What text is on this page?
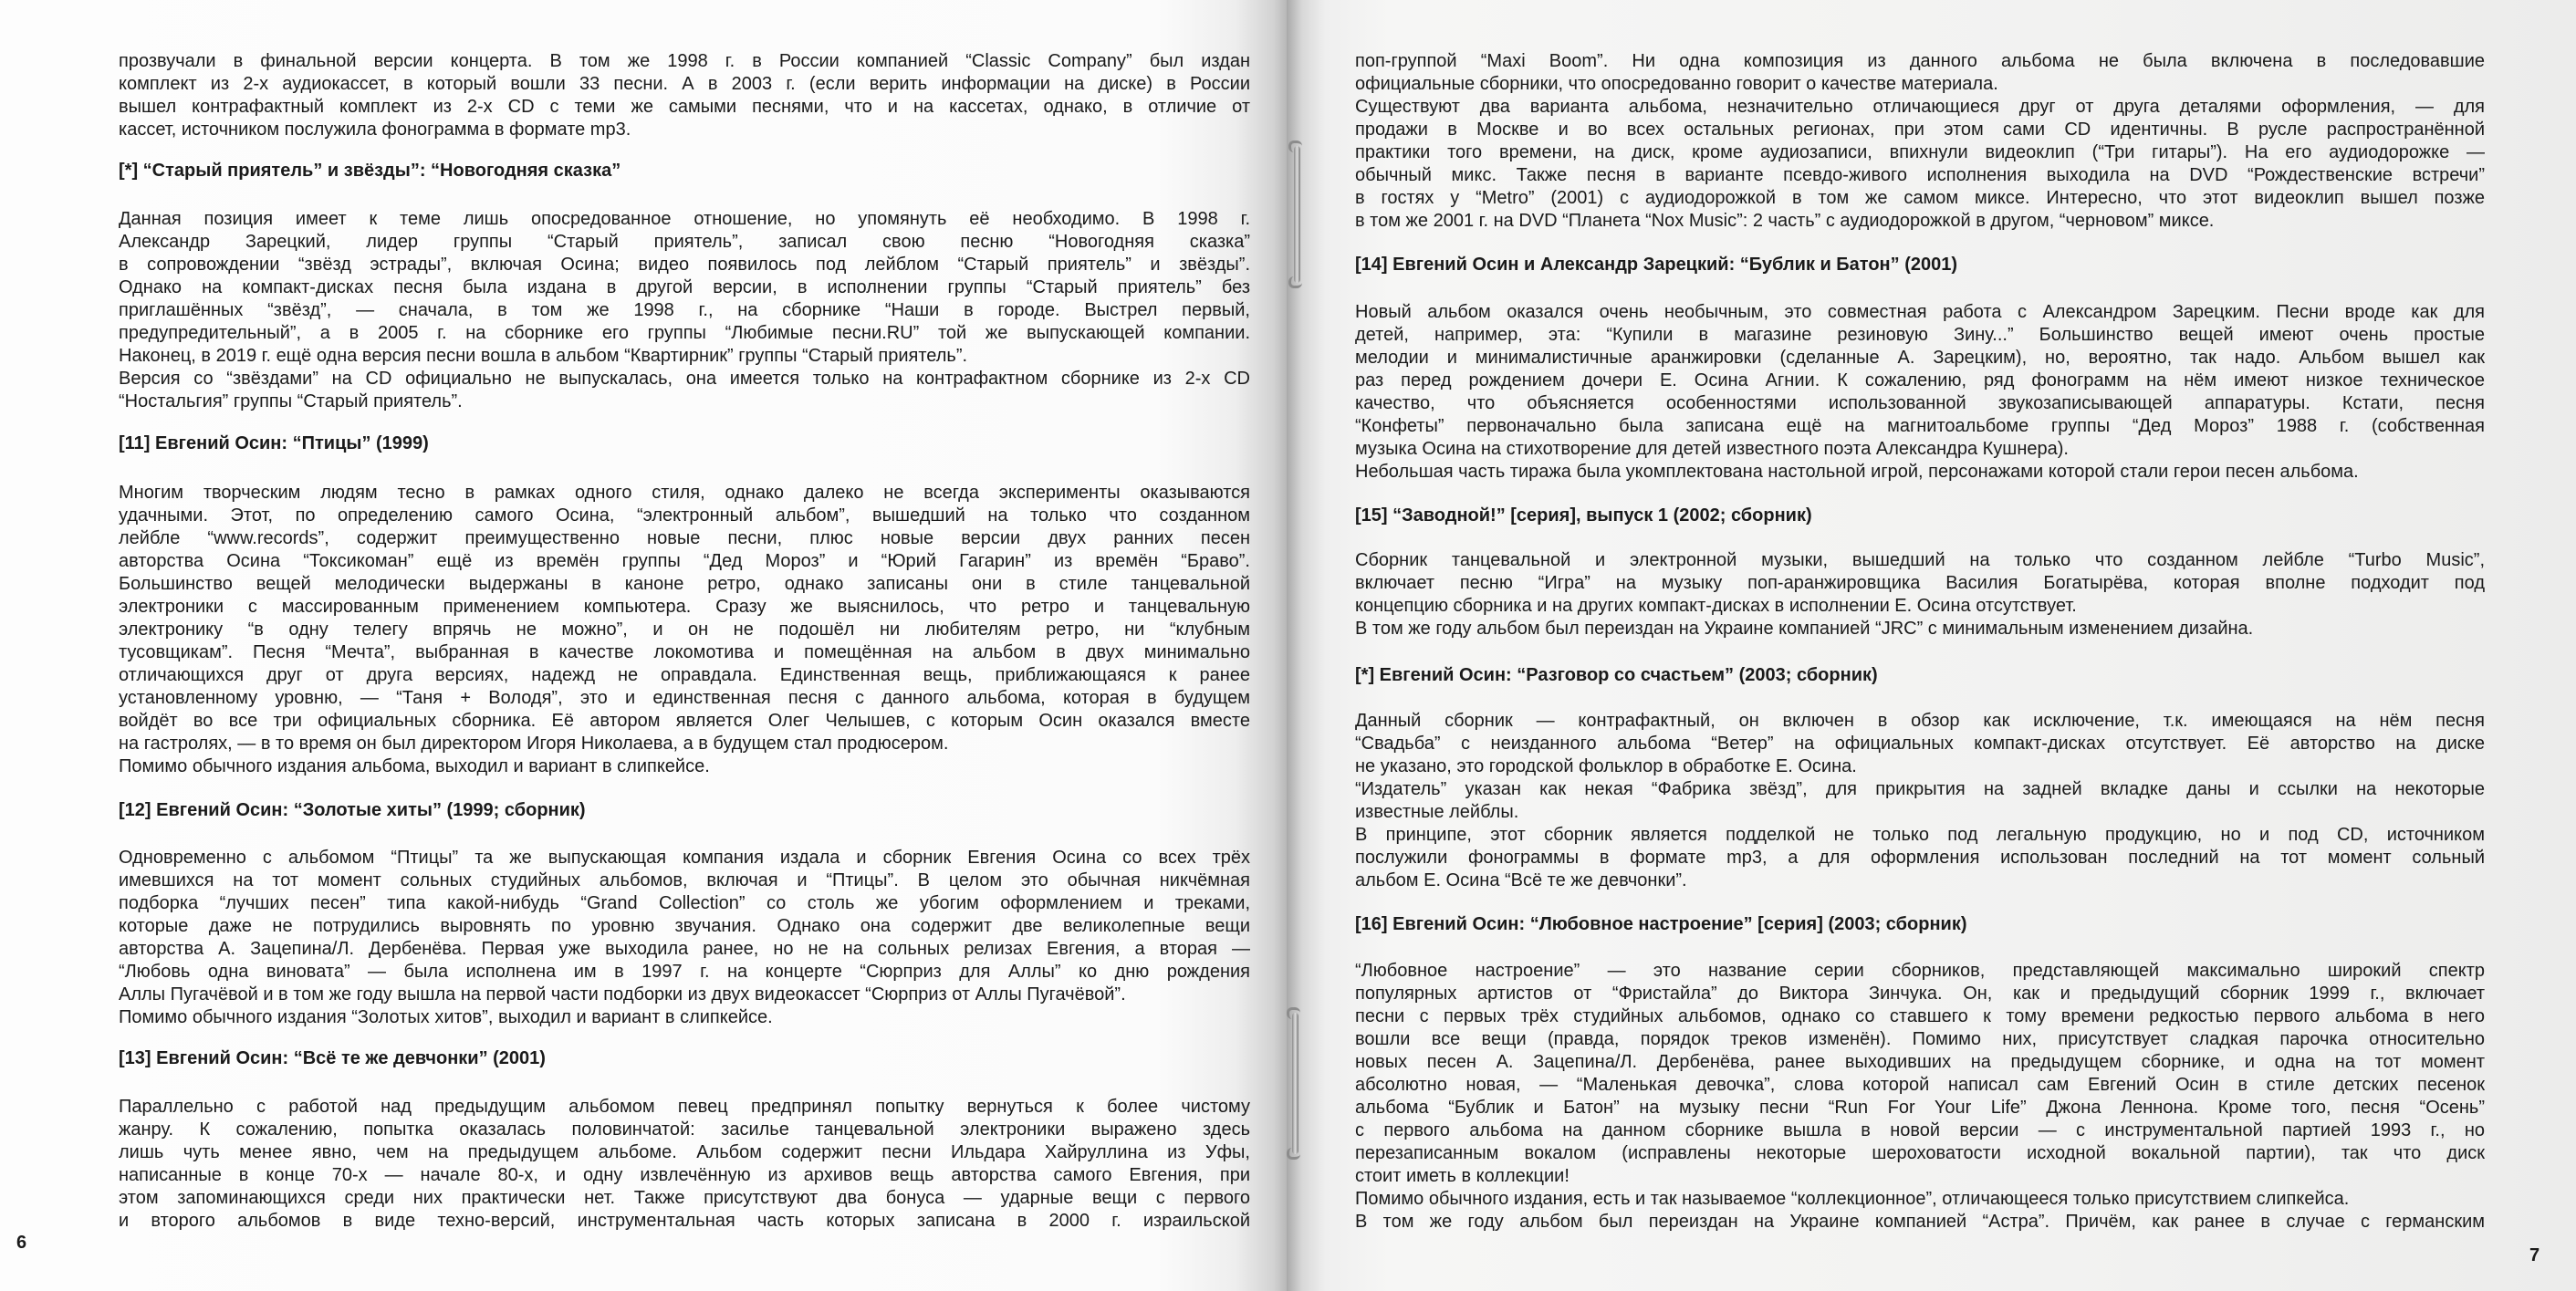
6
прозвучали в финальной версии концерта. В том же 1998 г. в России компанией “Classic Company” был издан
комплект из 2-х аудиокассет, в который вошли 33 песни. А в 2003 г. (если верить информации на диске) в России
вышел контрафактный комплект из 2-х CD с теми же самыми песнями, что и на кассетах, однако, в отличие от
кассет, источником послужила фонограмма в формате mp3.
[*] “Старый приятель” и звёзды”: “Новогодняя сказка”
Данная позиция имеет к теме лишь опосредованное отношение, но упомянуть её необходимо. В 1998 г.
Александр Зарецкий, лидер группы “Старый приятель”, записал свою песню “Новогодняя сказка”
в сопровождении “звёзд эстрады”, включая Осина; видео появилось под лейблом “Старый приятель” и звёзды”.
Однако на компакт-дисках песня была издана в другой версии, в исполнении группы “Старый приятель” без
приглашённых “звёзд”, — сначала, в том же 1998 г., на сборнике “Наши в городе. Выстрел первый,
предупредительный”, а в 2005 г. на сборнике его группы “Любимые песни.RU” той же выпускающей компании.
Наконец, в 2019 г. ещё одна версия песни вошла в альбом “Квартирник” группы “Старый приятель”.
Версия со “звёздами” на CD официально не выпускалась, она имеется только на контрафактном сборнике из 2-х CD
“Ностальгия” группы “Старый приятель”.
[11] Евгений Осин: “Птицы” (1999)
Многим творческим людям тесно в рамках одного стиля, однако далеко не всегда эксперименты оказываются
удачными. Этот, по определению самого Осина, “электронный альбом”, вышедший на только что созданном
лейбле “www.records”, содержит преимущественно новые песни, плюс новые версии двух ранних песен
авторства Осина “Токсикоман” ещё из времён группы “Дед Мороз” и “Юрий Гагарин” из времён “Браво”.
Большинство вещей мелодически выдержаны в каноне ретро, однако записаны они в стиле танцевальной
электроники с массированным применением компьютера. Сразу же выяснилось, что ретро и танцевальную
электронику “в одну телегу впрячь не можно”, и он не подошёл ни любителям ретро, ни “клубным
тусовщикам”. Песня “Мечта”, выбранная в качестве локомотива и помещённая на альбом в двух минимально
отличающихся друг от друга версиях, надежд не оправдала. Единственная вещь, приближающаяся к ранее
установленному уровню, — “Таня + Володя”, это и единственная песня с данного альбома, которая в будущем
войдёт во все три официальных сборника. Её автором является Олег Челышев, с которым Осин оказался вместе
на гастролях, — в то время он был директором Игоря Николаева, а в будущем стал продюсером.
Помимо обычного издания альбома, выходил и вариант в слипкейсе.
[12] Евгений Осин: “Золотые хиты” (1999; сборник)
Одновременно с альбомом “Птицы” та же выпускающая компания издала и сборник Евгения Осина со всех трёх
имевшихся на тот момент сольных студийных альбомов, включая и “Птицы”. В целом это обычная никчёмная
подборка “лучших песен” типа какой-нибудь “Grand Collection” со столь же убогим оформлением и треками,
которые даже не потрудились выровнять по уровню звучания. Однако она содержит две великолепные вещи
авторства А. Зацепина/Л. Дербенёва. Первая уже выходила ранее, но не на сольных релизах Евгения, а вторая —
“Любовь одна виновата” — была исполнена им в 1997 г. на концерте “Сюрприз для Аллы” ко дню рождения
Аллы Пугачёвой и в том же году вышла на первой части подборки из двух видеокассет “Сюрприз от Аллы Пугачёвой”.
Помимо обычного издания “Золотых хитов”, выходил и вариант в слипкейсе.
[13] Евгений Осин: “Всё те же девчонки” (2001)
Параллельно с работой над предыдущим альбомом певец предпринял попытку вернуться к более чистому
жанру. К сожалению, попытка оказалась половинчатой: засилье танцевальной электроники выражено здесь
лишь чуть менее явно, чем на предыдущем альбоме. Альбом содержит песни Ильдара Хайруллина из Уфы,
написанные в конце 70-х — начале 80-х, и одну извлечённую из архивов вещь авторства самого Евгения, при
этом запоминающихся среди них практически нет. Также присутствуют два бонуса — ударные вещи с первого
и второго альбомов в виде техно-версий, инструментальная часть которых записана в 2000 г. израильской
7
поп-группой “Maxi Boom”. Ни одна композиция из данного альбома не была включена в последовавшие
официальные сборники, что опосредованно говорит о качестве материала.
Существуют два варианта альбома, незначительно отличающиеся друг от друга деталями оформления, — для
продажи в Москве и во всех остальных регионах, при этом сами CD идентичны. В русле распространённой
практики того времени, на диск, кроме аудиозаписи, впихнули видеоклип (“Три гитары”). На его аудиодорожке —
обычный микс. Также песня в варианте псевдо-живого исполнения выходила на DVD “Рождественские встречи”
в гостях у “Metro” (2001) с аудиодорожкой в том же самом миксе. Интересно, что этот видеоклип вышел позже
в том же 2001 г. на DVD “Планета “Nox Music”: 2 часть” с аудиодорожкой в другом, “черновом” миксе.
[14] Евгений Осин и Александр Зарецкий: “Бублик и Батон” (2001)
Новый альбом оказался очень необычным, это совместная работа с Александром Зарецким. Песни вроде как для
детей, например, эта: “Купили в магазине резиновую Зину...” Большинство вещей имеют очень простые
мелодии и минималистичные аранжировки (сделанные А. Зарецким), но, вероятно, так надо. Альбом вышел как
раз перед рождением дочери Е. Осина Агнии. К сожалению, ряд фонограмм на нём имеют низкое техническое
качество, что объясняется особенностями использованной звукозаписывающей аппаратуры. Кстати, песня
“Конфеты” первоначально была записана ещё на магнитоальбоме группы “Дед Мороз” 1988 г. (собственная
музыка Осина на стихотворение для детей известного поэта Александра Кушнера).
Небольшая часть тиража была укомплектована настольной игрой, персонажами которой стали герои песен альбома.
[15] “Заводной!” [серия], выпуск 1 (2002; сборник)
Сборник танцевальной и электронной музыки, вышедший на только что созданном лейбле “Turbo Music”,
включает песню “Игра” на музыку поп-аранжировщика Василия Богатырёва, которая вполне подходит под
концепцию сборника и на других компакт-дисках в исполнении Е. Осина отсутствует.
В том же году альбом был переиздан на Украине компанией “JRC” с минимальным изменением дизайна.
[*] Евгений Осин: “Разговор со счастьем” (2003; сборник)
Данный сборник — контрафактный, он включен в обзор как исключение, т.к. имеющаяся на нём песня
“Свадьба” с неизданного альбома “Ветер” на официальных компакт-дисках отсутствует. Её авторство на диске
не указано, это городской фольклор в обработке Е. Осина.
“Издатель” указан как некая “Фабрика звёзд”, для прикрытия на задней вкладке даны и ссылки на некоторые
известные лейблы.
В принципе, этот сборник является подделкой не только под легальную продукцию, но и под CD, источником
послужили фонограммы в формате mp3, а для оформления использован последний на тот момент сольный
альбом Е. Осина “Всё те же девчонки”.
[16] Евгений Осин: “Любовное настроение” [серия] (2003; сборник)
“Любовное настроение” — это название серии сборников, представляющей максимально широкий спектр
популярных артистов от “Фристайла” до Виктора Зинчука. Он, как и предыдущий сборник 1999 г., включает
песни с первых трёх студийных альбомов, однако со ставшего к тому времени редкостью первого альбома в него
вошли все вещи (правда, порядок треков изменён). Помимо них, присутствует сладкая парочка относительно
новых песен А. Зацепина/Л. Дербенёва, ранее выходивших на предыдущем сборнике, и одна на тот момент
абсолютно новая, — “Маленькая девочка”, слова которой написал сам Евгений Осин в стиле детских песенок
альбома “Бублик и Батон” на музыку песни “Run For Your Life” Джона Леннона. Кроме того, песня “Осень”
с первого альбома на данном сборнике вышла в новой версии — с инструментальной партией 1993 г., но
перезаписанным вокалом (исправлены некоторые шероховатости исходной вокальной партии), так что диск
стоит иметь в коллекции!
Помимо обычного издания, есть и так называемое “коллекционное”, отличающееся только присутствием слипкейса.
В том же году альбом был переиздан на Украине компанией “Астра”. Причём, как ранее в случае с германским
